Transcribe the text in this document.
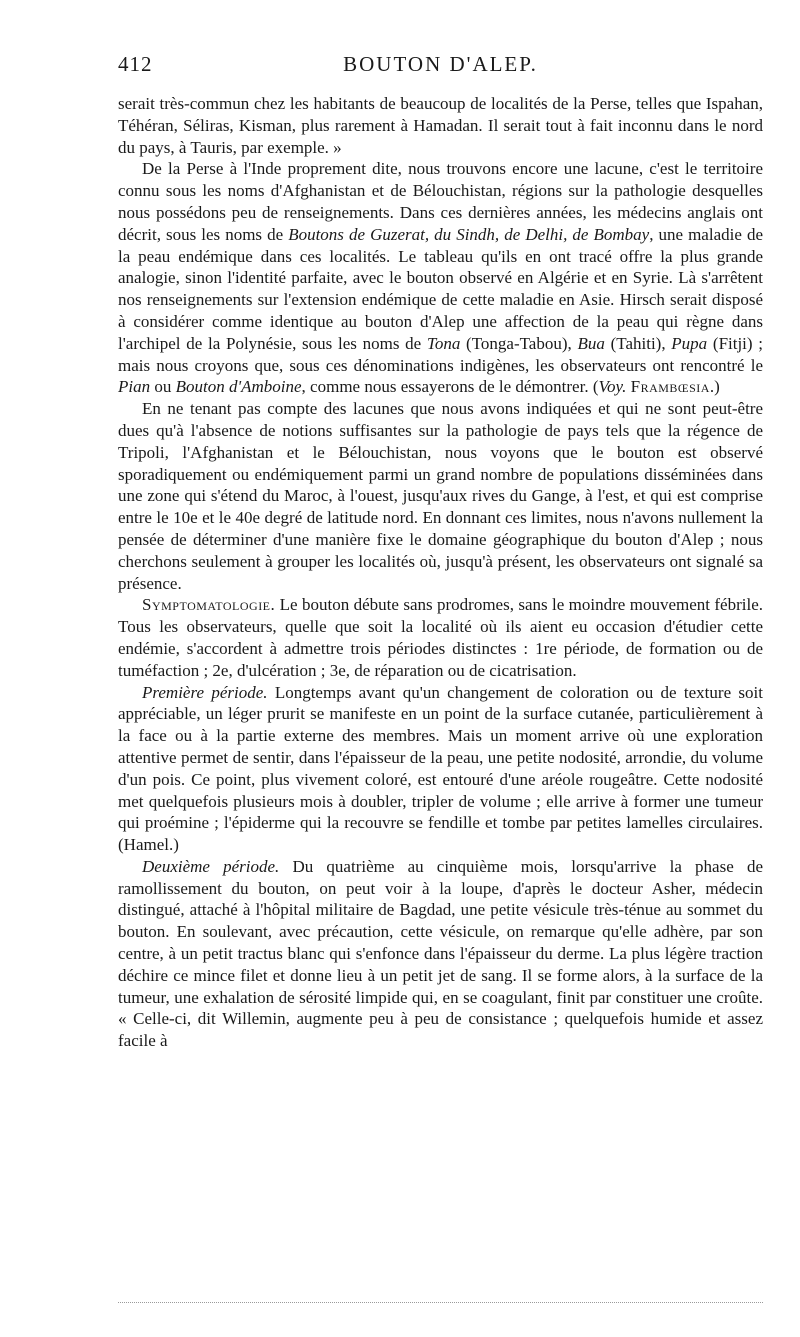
412	BOUTON D'ALEP.

serait très-commun chez les habitants de beaucoup de localités de la Perse, telles que Ispahan, Téhéran, Séliras, Kisman, plus rarement à Hamadan. Il serait tout à fait inconnu dans le nord du pays, à Tauris, par exemple. »

De la Perse à l'Inde proprement dite, nous trouvons encore une lacune, c'est le territoire connu sous les noms d'Afghanistan et de Bélouchistan, régions sur la pathologie desquelles nous possédons peu de renseignements. Dans ces dernières années, les médecins anglais ont décrit, sous les noms de Boutons de Guzerat, du Sindh, de Delhi, de Bombay, une maladie de la peau endémique dans ces localités. Le tableau qu'ils en ont tracé offre la plus grande analogie, sinon l'identité parfaite, avec le bouton observé en Algérie et en Syrie. Là s'arrêtent nos renseignements sur l'extension endémique de cette maladie en Asie. Hirsch serait disposé à considérer comme identique au bouton d'Alep une affection de la peau qui règne dans l'archipel de la Polynésie, sous les noms de Tona (Tonga-Tabou), Bua (Tahiti), Pupa (Fitji) ; mais nous croyons que, sous ces dénominations indigènes, les observateurs ont rencontré le Pian ou Bouton d'Amboine, comme nous essayerons de le démontrer. (Voy. Frambœsia.)

En ne tenant pas compte des lacunes que nous avons indiquées et qui ne sont peut-être dues qu'à l'absence de notions suffisantes sur la pathologie de pays tels que la régence de Tripoli, l'Afghanistan et le Bélouchistan, nous voyons que le bouton est observé sporadiquement ou endémiquement parmi un grand nombre de populations disséminées dans une zone qui s'étend du Maroc, à l'ouest, jusqu'aux rives du Gange, à l'est, et qui est comprise entre le 10e et le 40e degré de latitude nord. En donnant ces limites, nous n'avons nullement la pensée de déterminer d'une manière fixe le domaine géographique du bouton d'Alep ; nous cherchons seulement à grouper les localités où, jusqu'à présent, les observateurs ont signalé sa présence.

Symptomatologie. Le bouton débute sans prodromes, sans le moindre mouvement fébrile. Tous les observateurs, quelle que soit la localité où ils aient eu occasion d'étudier cette endémie, s'accordent à admettre trois périodes distinctes : 1re période, de formation ou de tuméfaction ; 2e, d'ulcération ; 3e, de réparation ou de cicatrisation.

Première période. Longtemps avant qu'un changement de coloration ou de texture soit appréciable, un léger prurit se manifeste en un point de la surface cutanée, particulièrement à la face ou à la partie externe des membres. Mais un moment arrive où une exploration attentive permet de sentir, dans l'épaisseur de la peau, une petite nodosité, arrondie, du volume d'un pois. Ce point, plus vivement coloré, est entouré d'une aréole rougeâtre. Cette nodosité met quelquefois plusieurs mois à doubler, tripler de volume ; elle arrive à former une tumeur qui proémine ; l'épiderme qui la recouvre se fendille et tombe par petites lamelles circulaires. (Hamel.)

Deuxième période. Du quatrième au cinquième mois, lorsqu'arrive la phase de ramollissement du bouton, on peut voir à la loupe, d'après le docteur Asher, médecin distingué, attaché à l'hôpital militaire de Bagdad, une petite vésicule très-ténue au sommet du bouton. En soulevant, avec précaution, cette vésicule, on remarque qu'elle adhère, par son centre, à un petit tractus blanc qui s'enfonce dans l'épaisseur du derme. La plus légère traction déchire ce mince filet et donne lieu à un petit jet de sang. Il se forme alors, à la surface de la tumeur, une exhalation de sérosité limpide qui, en se coagulant, finit par constituer une croûte. « Celle-ci, dit Willemin, augmente peu à peu de consistance ; quelquefois humide et assez facile à
